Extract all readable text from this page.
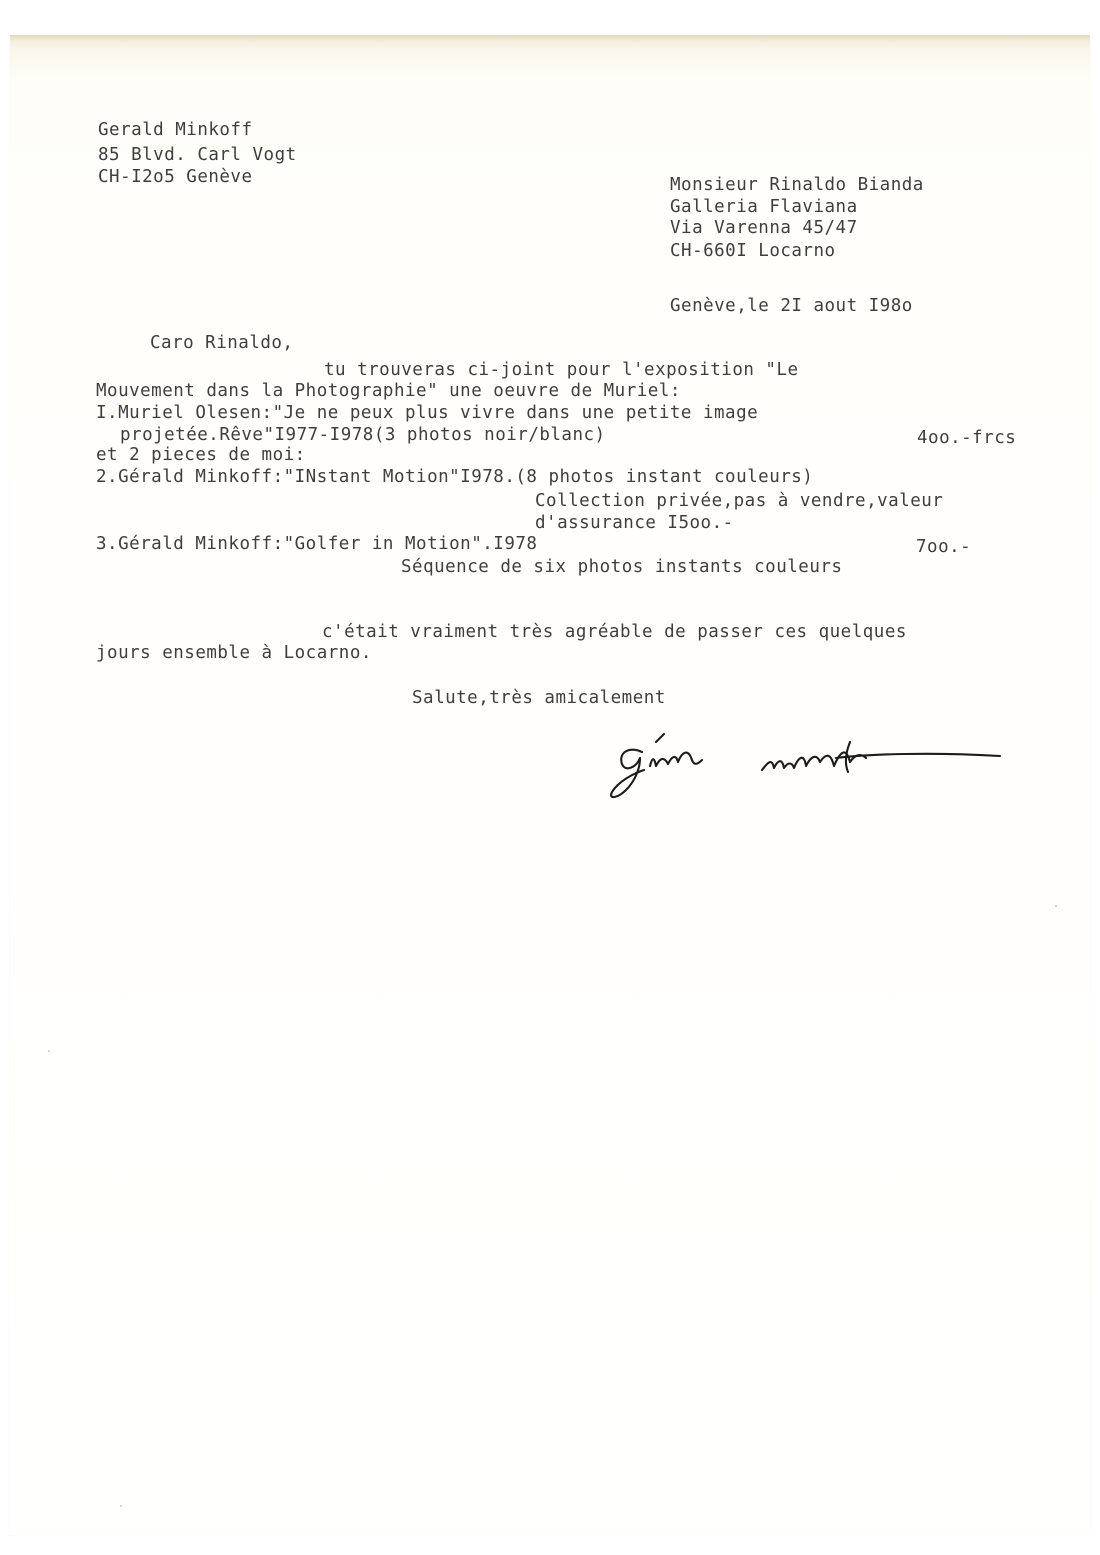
Gerald Minkoff
85 Blvd. Carl Vogt
CH-I2o5 Genève	Monsieur Rinaldo Bianda
Galleria Flaviana
Via Varenna 45/47
CH-660I Locarno
Genève,le 2I aout I98o
Caro Rinaldo,
tu trouveras ci-joint pour l'exposition "Le
Mouvement dans la Photographie" une oeuvre de Muriel:
I.Muriel Olesen:"Je ne peux plus vivre dans une petite image
projetée.Rêve"I977-I978(3 photos noir/blanc)	4oo.-frcs
et 2 pieces de moi:
2.Gérald Minkoff:"INstant Motion"I978.(8 photos instant couleurs)
Collection privée,pas à vendre,valeur
d'assurance I5oo.-
3.Gérald Minkoff:"Golfer in Motion".I978	7oo.-
Séquence de six photos instants couleurs
c'était vraiment très agréable de passer ces quelques
jours ensemble à Locarno.
Salute,très amicalement
